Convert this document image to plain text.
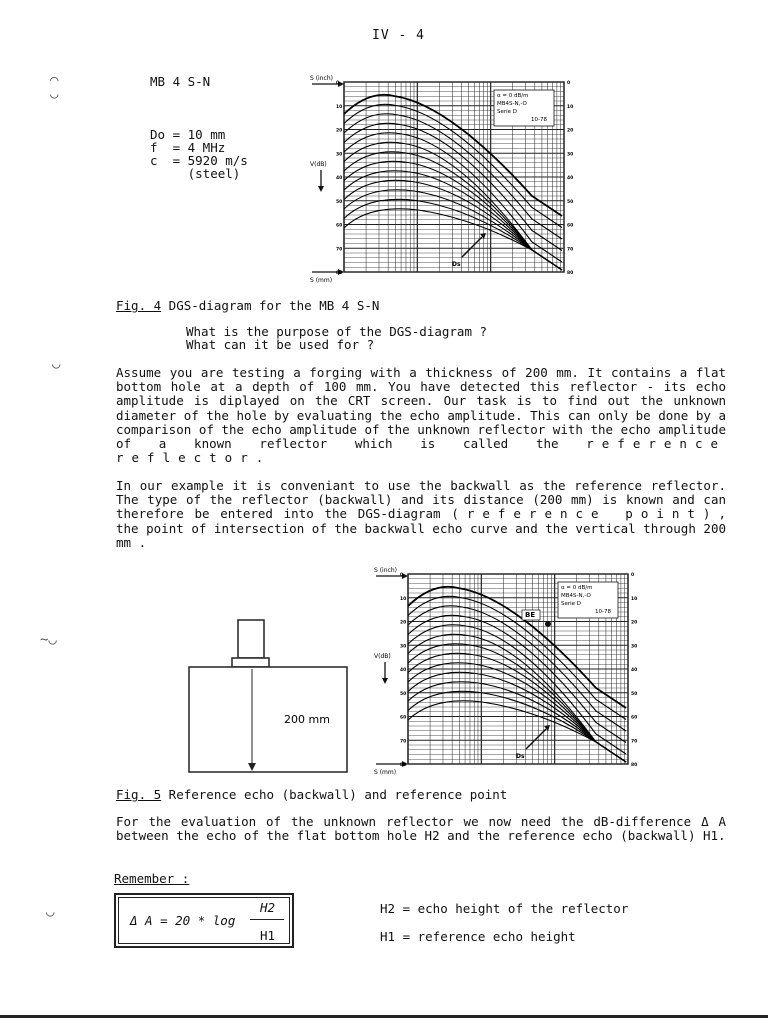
IV - 4
MB 4 S-N
Do = 10 mm
f  = 4 MHz
c  = 5920 m/s
(steel)
⌒
◡
◡
~◡
◡
S (inch)
V(dB)
S (mm)
0	0
10	10
20	20
30	30
40	40
50	50
60	60
70	70
80	80
Ds
α = 0 dB/m
MB4S-N,-O
Serie D
10-78
Fig. 4 DGS-diagram for the MB 4 S-N
What is the purpose of the DGS-diagram ?
What can it be used for ?
Assume you are testing a forging with a thickness of 200 mm. It contains a flat bottom hole at a depth of 100 mm. You have detected this reflector - its echo amplitude is diplayed on the CRT screen. Our task is to find out the unknown diameter of the hole by evaluating the echo amplitude. This can only be done by a comparison of the echo amplitude of the unknown reflector with the echo amplitude of a known reflector which is called the reference reflector.
In our example it is conveniant to use the backwall as the reference reflector. The type of the reflector (backwall) and its distance (200 mm) is known and can therefore be entered into the DGS-diagram (reference point), the point of intersection of the backwall echo curve and the vertical through 200 mm .
200 mm
S (inch)
V(dB)
S (mm)
0	0
10	10
20	20
30	30
40	40
50	50
60	60
70	70
80	80
Ds
α = 0 dB/m
MB4S-N,-O
Serie D
10-78
BE
Fig. 5 Reference echo (backwall) and reference point
For the evaluation of the unknown reflector we now need the dB-difference Δ A between the echo of the flat bottom hole H2 and the reference echo (backwall) H1.
Remember :
Δ A = 20 * log
H2
H1
H2 = echo height of the reflector
H1 = reference echo height
